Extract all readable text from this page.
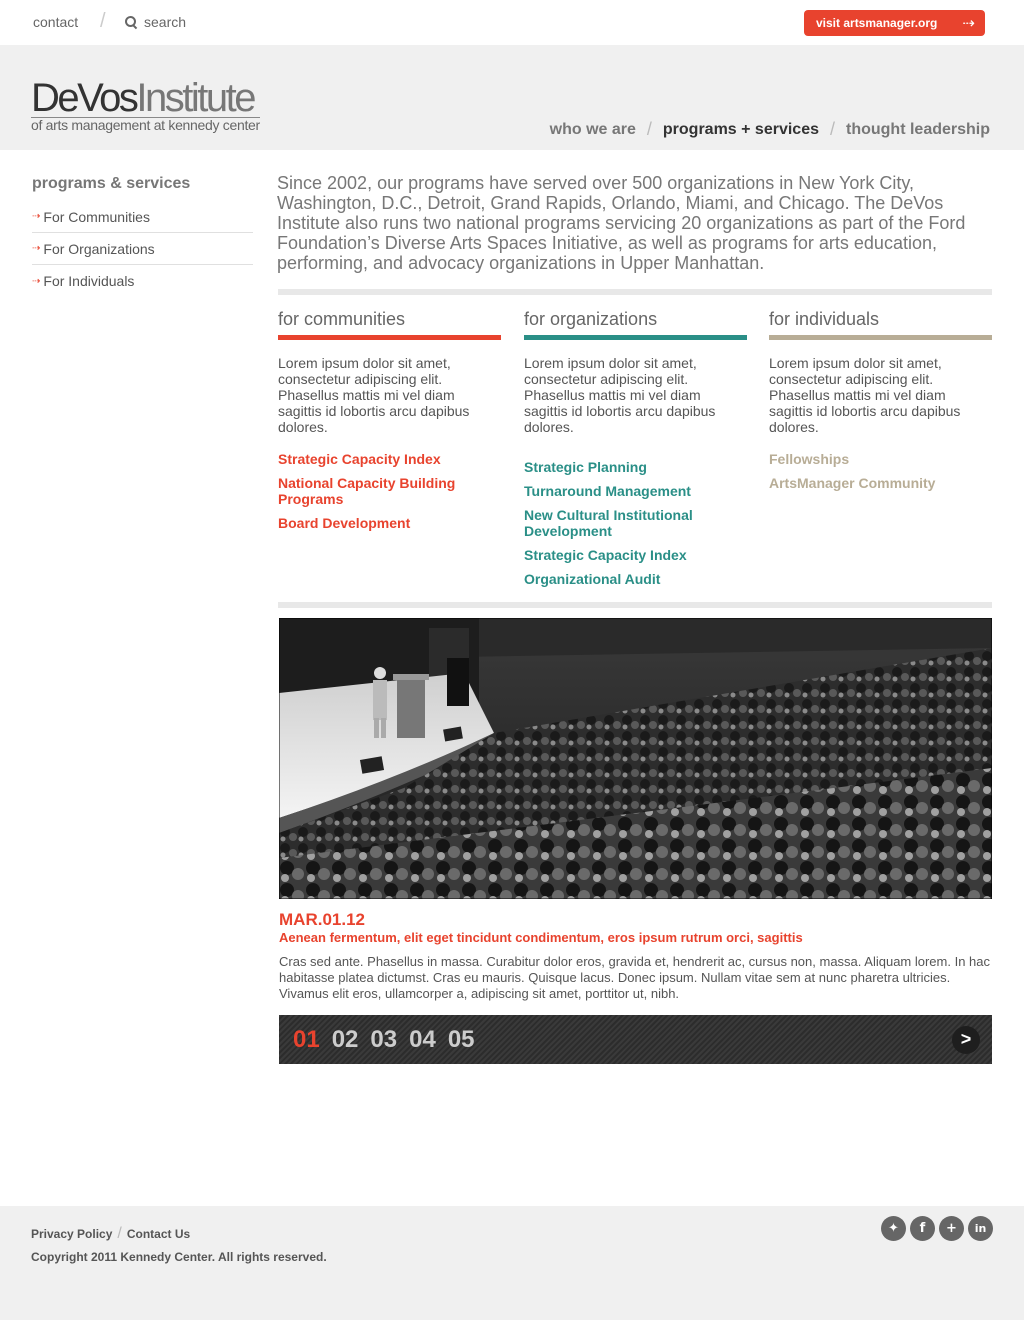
contact /	search	visit artsmanager.org ⇢
DeVosInstitute
of arts management at kennedy center	who we are / programs + services / thought leadership
programs & services
⇢ For Communities
⇢ For Organizations
⇢ For Individuals

Since 2002, our programs have served over 500 organizations in New York City, Washington, D.C., Detroit, Grand Rapids, Orlando, Miami, and Chicago. The DeVos Institute also runs two national programs servicing 20 organizations as part of the Ford Foundation’s Diverse Arts Spaces Initiative, as well as programs for arts education, performing, and advocacy organizations in Upper Manhattan.

for communities

Lorem ipsum dolor sit amet, consectetur adipiscing elit. Phasellus mattis mi vel diam sagittis id lobortis arcu dapibus dolores.

Strategic Capacity Index
National Capacity Building Programs
Board Development
for organizations

Lorem ipsum dolor sit amet, consectetur adipiscing elit. Phasellus mattis mi vel diam sagittis id lobortis arcu dapibus dolores.

Strategic Planning
Turnaround Management
New Cultural Institutional Development
Strategic Capacity Index
Organizational Audit
for individuals

Lorem ipsum dolor sit amet, consectetur adipiscing elit. Phasellus mattis mi vel diam sagittis id lobortis arcu dapibus dolores.

Fellowships
ArtsManager Community
MAR.01.12
Aenean fermentum, elit eget tincidunt condimentum, eros ipsum rutrum orci, sagittis

Cras sed ante. Phasellus in massa. Curabitur dolor eros, gravida et, hendrerit ac, cursus non, massa. Aliquam lorem. In hac habitasse platea dictumst. Cras eu mauris. Quisque lacus. Donec ipsum. Nullam vitae sem at nunc pharetra ultricies. Vivamus elit eros, ullamcorper a, adipiscing sit amet, porttitor ut, nibh.

01 02 03 04 05	>
Privacy Policy / Contact Us
Copyright 2011 Kennedy Center. All rights reserved.
✦	f	+	in
